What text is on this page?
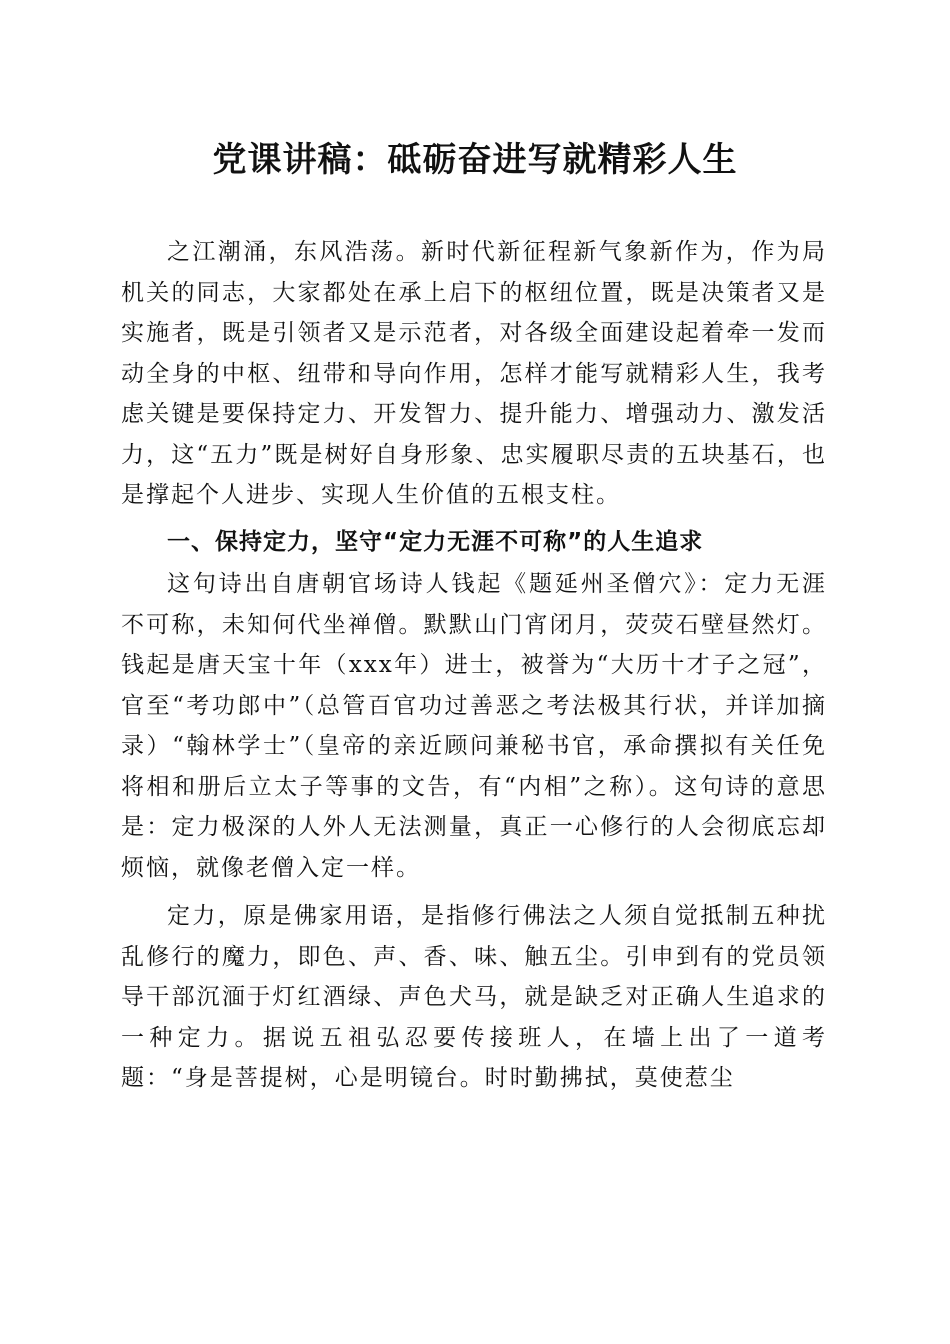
党课讲稿：砥砺奋进写就精彩人生

之江潮涌，东风浩荡。新时代新征程新气象新作为，作为局机关的同志，大家都处在承上启下的枢纽位置，既是决策者又是实施者，既是引领者又是示范者，对各级全面建设起着牵一发而动全身的中枢、纽带和导向作用，怎样才能写就精彩人生，我考虑关键是要保持定力、开发智力、提升能力、增强动力、激发活力，这“五力”既是树好自身形象、忠实履职尽责的五块基石，也是撑起个人进步、实现人生价值的五根支柱。

一、保持定力，坚守“定力无涯不可称”的人生追求

这句诗出自唐朝官场诗人钱起《题延州圣僧穴》：定力无涯不可称，未知何代坐禅僧。默默山门宵闭月，荧荧石壁昼然灯。钱起是唐天宝十年（xxx年）进士，被誉为“大历十才子之冠”，官至“考功郎中”（总管百官功过善恶之考法极其行状，并详加摘录）“翰林学士”（皇帝的亲近顾问兼秘书官，承命撰拟有关任免将相和册后立太子等事的文告，有“内相”之称）。这句诗的意思是：定力极深的人外人无法测量，真正一心修行的人会彻底忘却烦恼，就像老僧入定一样。

定力，原是佛家用语，是指修行佛法之人须自觉抵制五种扰乱修行的魔力，即色、声、香、味、触五尘。引申到有的党员领导干部沉湎于灯红酒绿、声色犬马，就是缺乏对正确人生追求的一种定力。据说五祖弘忍要传接班人，在墙上出了一道考题：“身是菩提树，心是明镜台。时时勤拂拭，莫使惹尘
